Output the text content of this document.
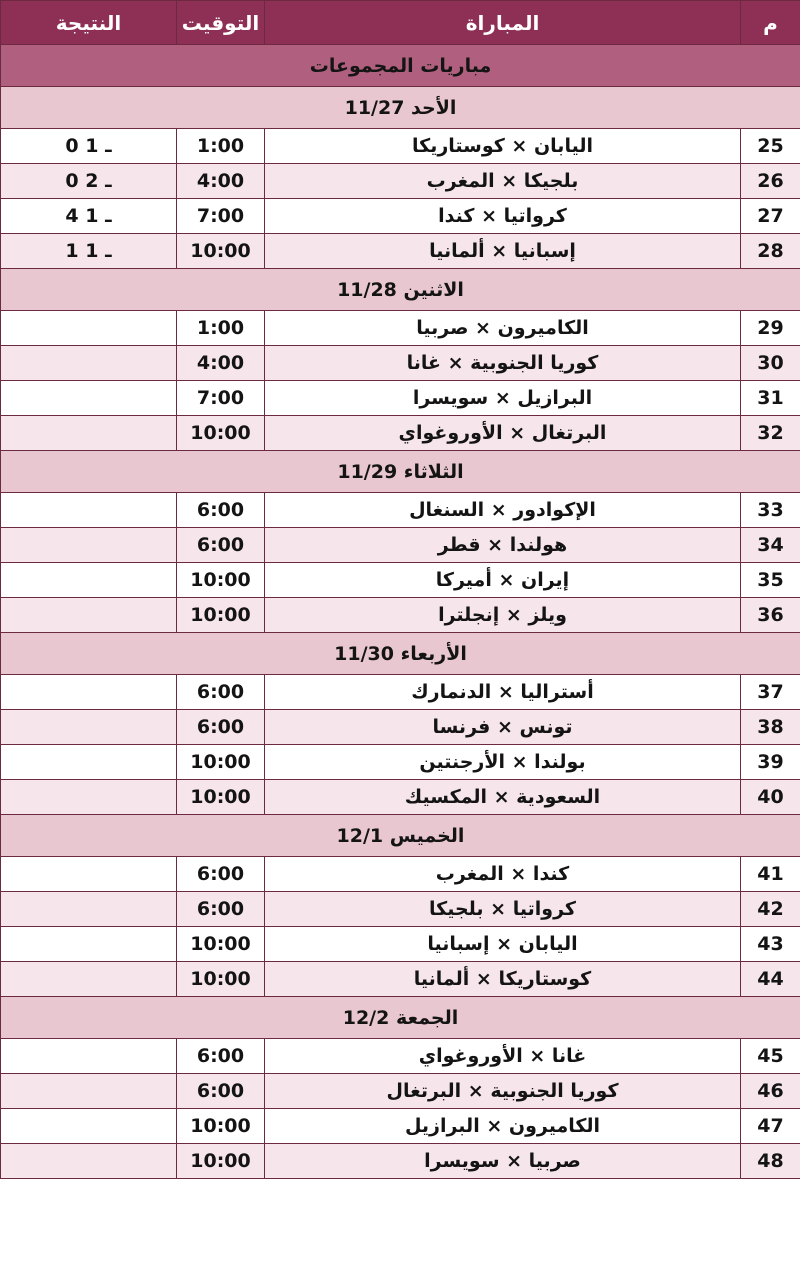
م	المباراة	التوقيت	النتيجة
مباريات المجموعات			
الأحد 11/27			
25	اليابان × كوستاريكا	1:00	0 ـ 1
26	بلجيكا × المغرب	4:00	0 ـ 2
27	كرواتيا × كندا	7:00	4 ـ 1
28	إسبانيا × ألمانيا	10:00	1 ـ 1
الاثنين 11/28			
29	الكاميرون × صربيا	1:00	
30	كوريا الجنوبية × غانا	4:00	
31	البرازيل × سويسرا	7:00	
32	البرتغال × الأوروغواي	10:00	
الثلاثاء 11/29			
33	الإكوادور × السنغال	6:00	
34	هولندا × قطر	6:00	
35	إيران × أميركا	10:00	
36	ويلز × إنجلترا	10:00	
الأربعاء 11/30			
37	أستراليا × الدنمارك	6:00	
38	تونس × فرنسا	6:00	
39	بولندا × الأرجنتين	10:00	
40	السعودية × المكسيك	10:00	
الخميس 12/1			
41	كندا × المغرب	6:00	
42	كرواتيا × بلجيكا	6:00	
43	اليابان × إسبانيا	10:00	
44	كوستاريكا × ألمانيا	10:00	
الجمعة 12/2			
45	غانا × الأوروغواي	6:00	
46	كوريا الجنوبية × البرتغال	6:00	
47	الكاميرون × البرازيل	10:00	
48	صربيا × سويسرا	10:00	
